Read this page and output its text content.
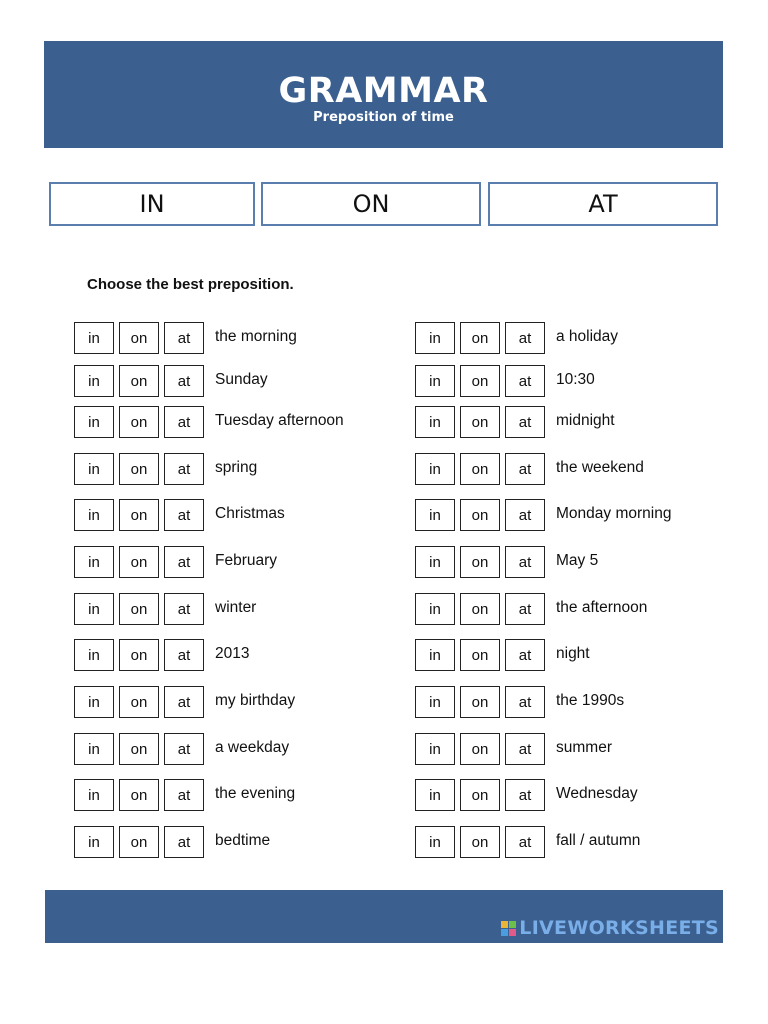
GRAMMAR
Preposition of time
IN	ON	AT
Choose the best preposition.
in	on	at	the morning
in	on	at	Sunday
in	on	at	Tuesday afternoon
in	on	at	spring
in	on	at	Christmas
in	on	at	February
in	on	at	winter
in	on	at	2013
in	on	at	my birthday
in	on	at	a weekday
in	on	at	the evening
in	on	at	bedtime
in	on	at	a holiday
in	on	at	10:30
in	on	at	midnight
in	on	at	the weekend
in	on	at	Monday morning
in	on	at	May 5
in	on	at	the afternoon
in	on	at	night
in	on	at	the 1990s
in	on	at	summer
in	on	at	Wednesday
in	on	at	fall / autumn
LIVEWORKSHEETS
